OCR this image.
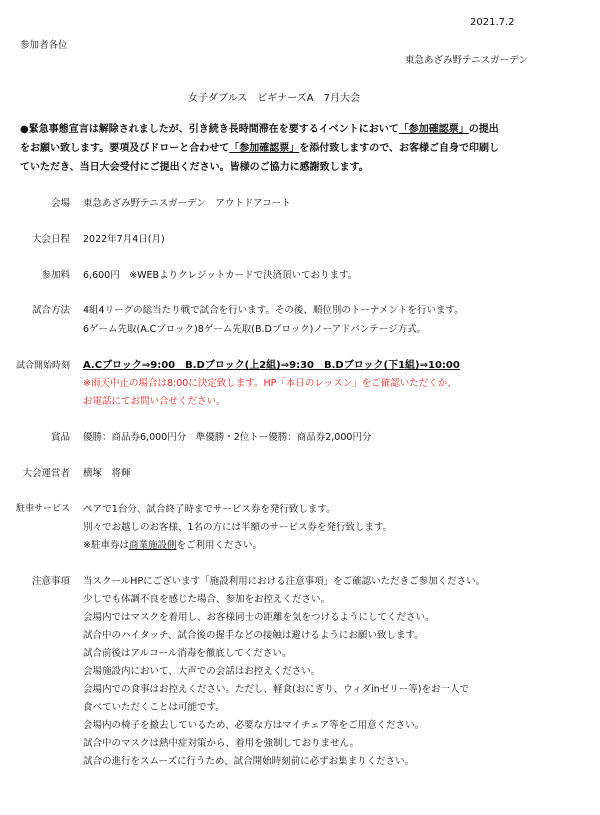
2021.7.2
参加者各位
東急あざみ野テニスガーデン
女子ダブルス　ビギナーズA　7月大会
●緊急事態宣言は解除されましたが、引き続き長時間滞在を要するイベントにおいて「参加確認票」の提出
をお願い致します。要項及びドローと合わせて「参加確認票」を添付致しますので、お客様ご自身で印刷し
ていただき、当日大会受付にご提出ください。皆様のご協力に感謝致します。
会場 東急あざみ野テニスガーデン　アウトドアコート
大会日程 2022年7月4日(月)
参加料 6,600円　※WEBよりクレジットカードで決済頂いております。
試合方法 4組4リーグの総当たり戦で試合を行います。その後、順位別のトーナメントを行います。
6ゲーム先取(A.Cブロック)8ゲーム先取(B.Dブロック)ノーアドバンテージ方式。
試合開始時刻 A.Cブロック⇒9:00　B.Dブロック(上2組)⇒9:30　B.Dブロック(下1組)⇒10:00
※雨天中止の場合は8:00に決定致します。HP「本日のレッスン」をご確認いただくか、
お電話にてお問い合せください。
賞品 優勝：商品券6,000円分　準優勝・2位トー優勝：商品券2,000円分
大会運営者 横塚　将輝
駐車サービス ペアで1台分、試合終了時までサービス券を発行致します。
別々でお越しのお客様、1名の方には半額のサービス券を発行致します。
※駐車券は商業施設側をご利用ください。
注意事項 当スクールHPにございます「施設利用における注意事項」をご確認いただきご参加ください。
少しでも体調不良を感じた場合、参加をお控えください。
会場内ではマスクを着用し、お客様同士の距離を気をつけるようにしてください。
試合中のハイタッチ、試合後の握手などの接触は避けるようにお願い致します。
試合前後はアルコール消毒を徹底してください。
会場施設内において、大声での会話はお控えください。
会場内での食事はお控えください。ただし、軽食(おにぎり、ウィダinゼリー等)をお一人で
食べていただくことは可能です。
会場内の椅子を撤去しているため、必要な方はマイチェア等をご用意ください。
試合中のマスクは熱中症対策から、着用を強制しておりません。
試合の進行をスムーズに行うため、試合開始時刻前に必ずお集まりください。
